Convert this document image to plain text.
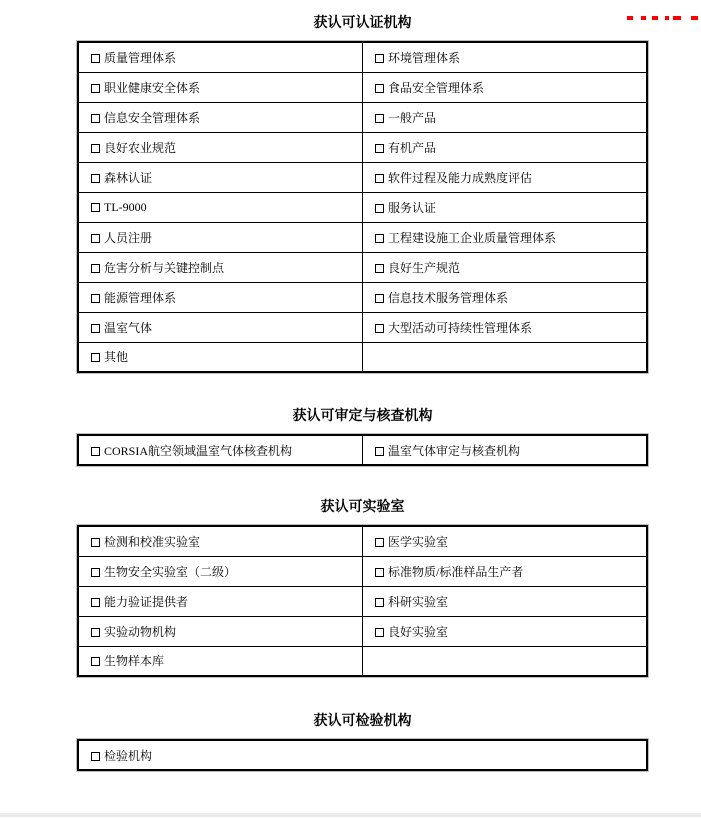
获认可认证机构
质量管理体系	环境管理体系
职业健康安全体系	食品安全管理体系
信息安全管理体系	一般产品
良好农业规范	有机产品
森林认证	软件过程及能力成熟度评估
TL-9000	服务认证
人员注册	工程建设施工企业质量管理体系
危害分析与关键控制点	良好生产规范
能源管理体系	信息技术服务管理体系
温室气体	大型活动可持续性管理体系
其他	
获认可审定与核查机构
CORSIA航空领域温室气体核查机构	温室气体审定与核查机构
获认可实验室
检测和校准实验室	医学实验室
生物安全实验室（二级）	标准物质/标准样品生产者
能力验证提供者	科研实验室
实验动物机构	良好实验室
生物样本库	
获认可检验机构
检验机构
